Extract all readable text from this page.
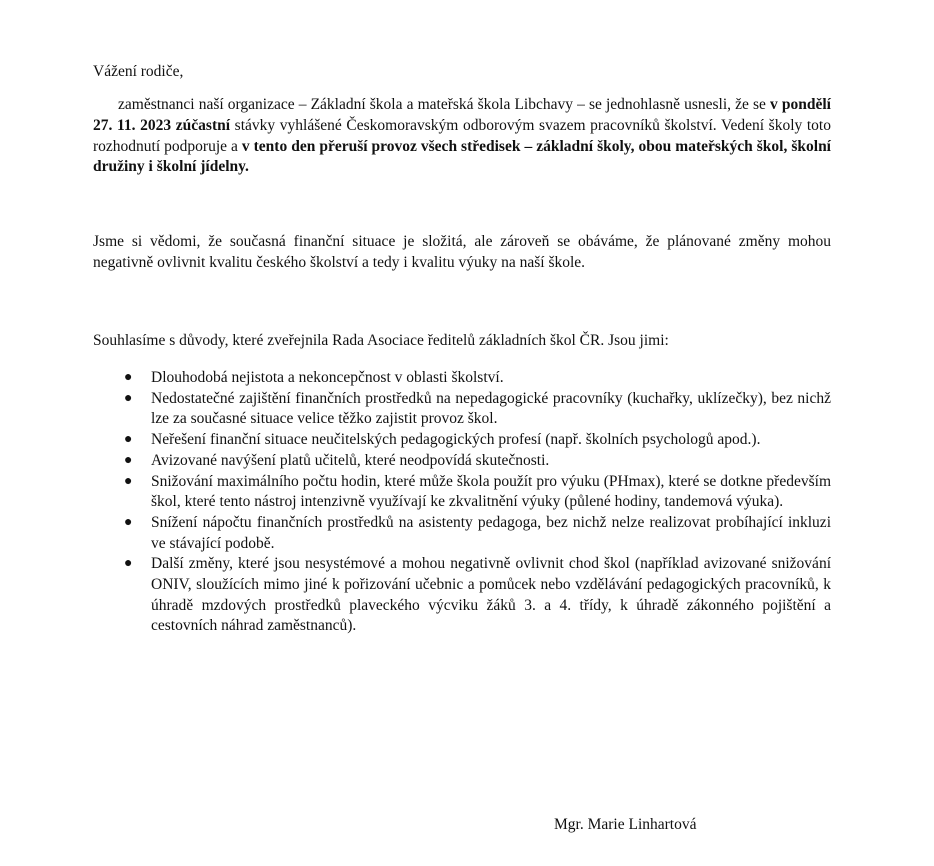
Vážení rodiče,

zaměstnanci naší organizace – Základní škola a mateřská škola Libchavy – se jednohlasně usnesli, že se v pondělí 27. 11. 2023 zúčastní stávky vyhlášené Českomoravským odborovým svazem pracovníků školství. Vedení školy toto rozhodnutí podporuje a v tento den přeruší provoz všech středisek – základní školy, obou mateřských škol, školní družiny i školní jídelny.

Jsme si vědomi, že současná finanční situace je složitá, ale zároveň se obáváme, že plánované změny mohou negativně ovlivnit kvalitu českého školství a tedy i kvalitu výuky na naší škole.

Souhlasíme s důvody, které zveřejnila Rada Asociace ředitelů základních škol ČR. Jsou jimi:

● Dlouhodobá nejistota a nekoncepčnost v oblasti školství.
● Nedostatečné zajištění finančních prostředků na nepedagogické pracovníky (kuchařky, uklízečky), bez nichž lze za současné situace velice těžko zajistit provoz škol.
● Neřešení finanční situace neučitelských pedagogických profesí (např. školních psychologů apod.).
● Avizované navýšení platů učitelů, které neodpovídá skutečnosti.
● Snižování maximálního počtu hodin, které může škola použít pro výuku (PHmax), které se dotkne především škol, které tento nástroj intenzivně využívají ke zkvalitnění výuky (půlené hodiny, tandemová výuka).
● Snížení nápočtu finančních prostředků na asistenty pedagoga, bez nichž nelze realizovat probíhající inkluzi ve stávající podobě.
● Další změny, které jsou nesystémové a mohou negativně ovlivnit chod škol (například avizované snižování ONIV, sloužících mimo jiné k pořizování učebnic a pomůcek nebo vzdělávání pedagogických pracovníků, k úhradě mzdových prostředků plaveckého výcviku žáků 3. a 4. třídy, k úhradě zákonného pojištění a cestovních náhrad zaměstnanců).
Mgr. Marie Linhartová
